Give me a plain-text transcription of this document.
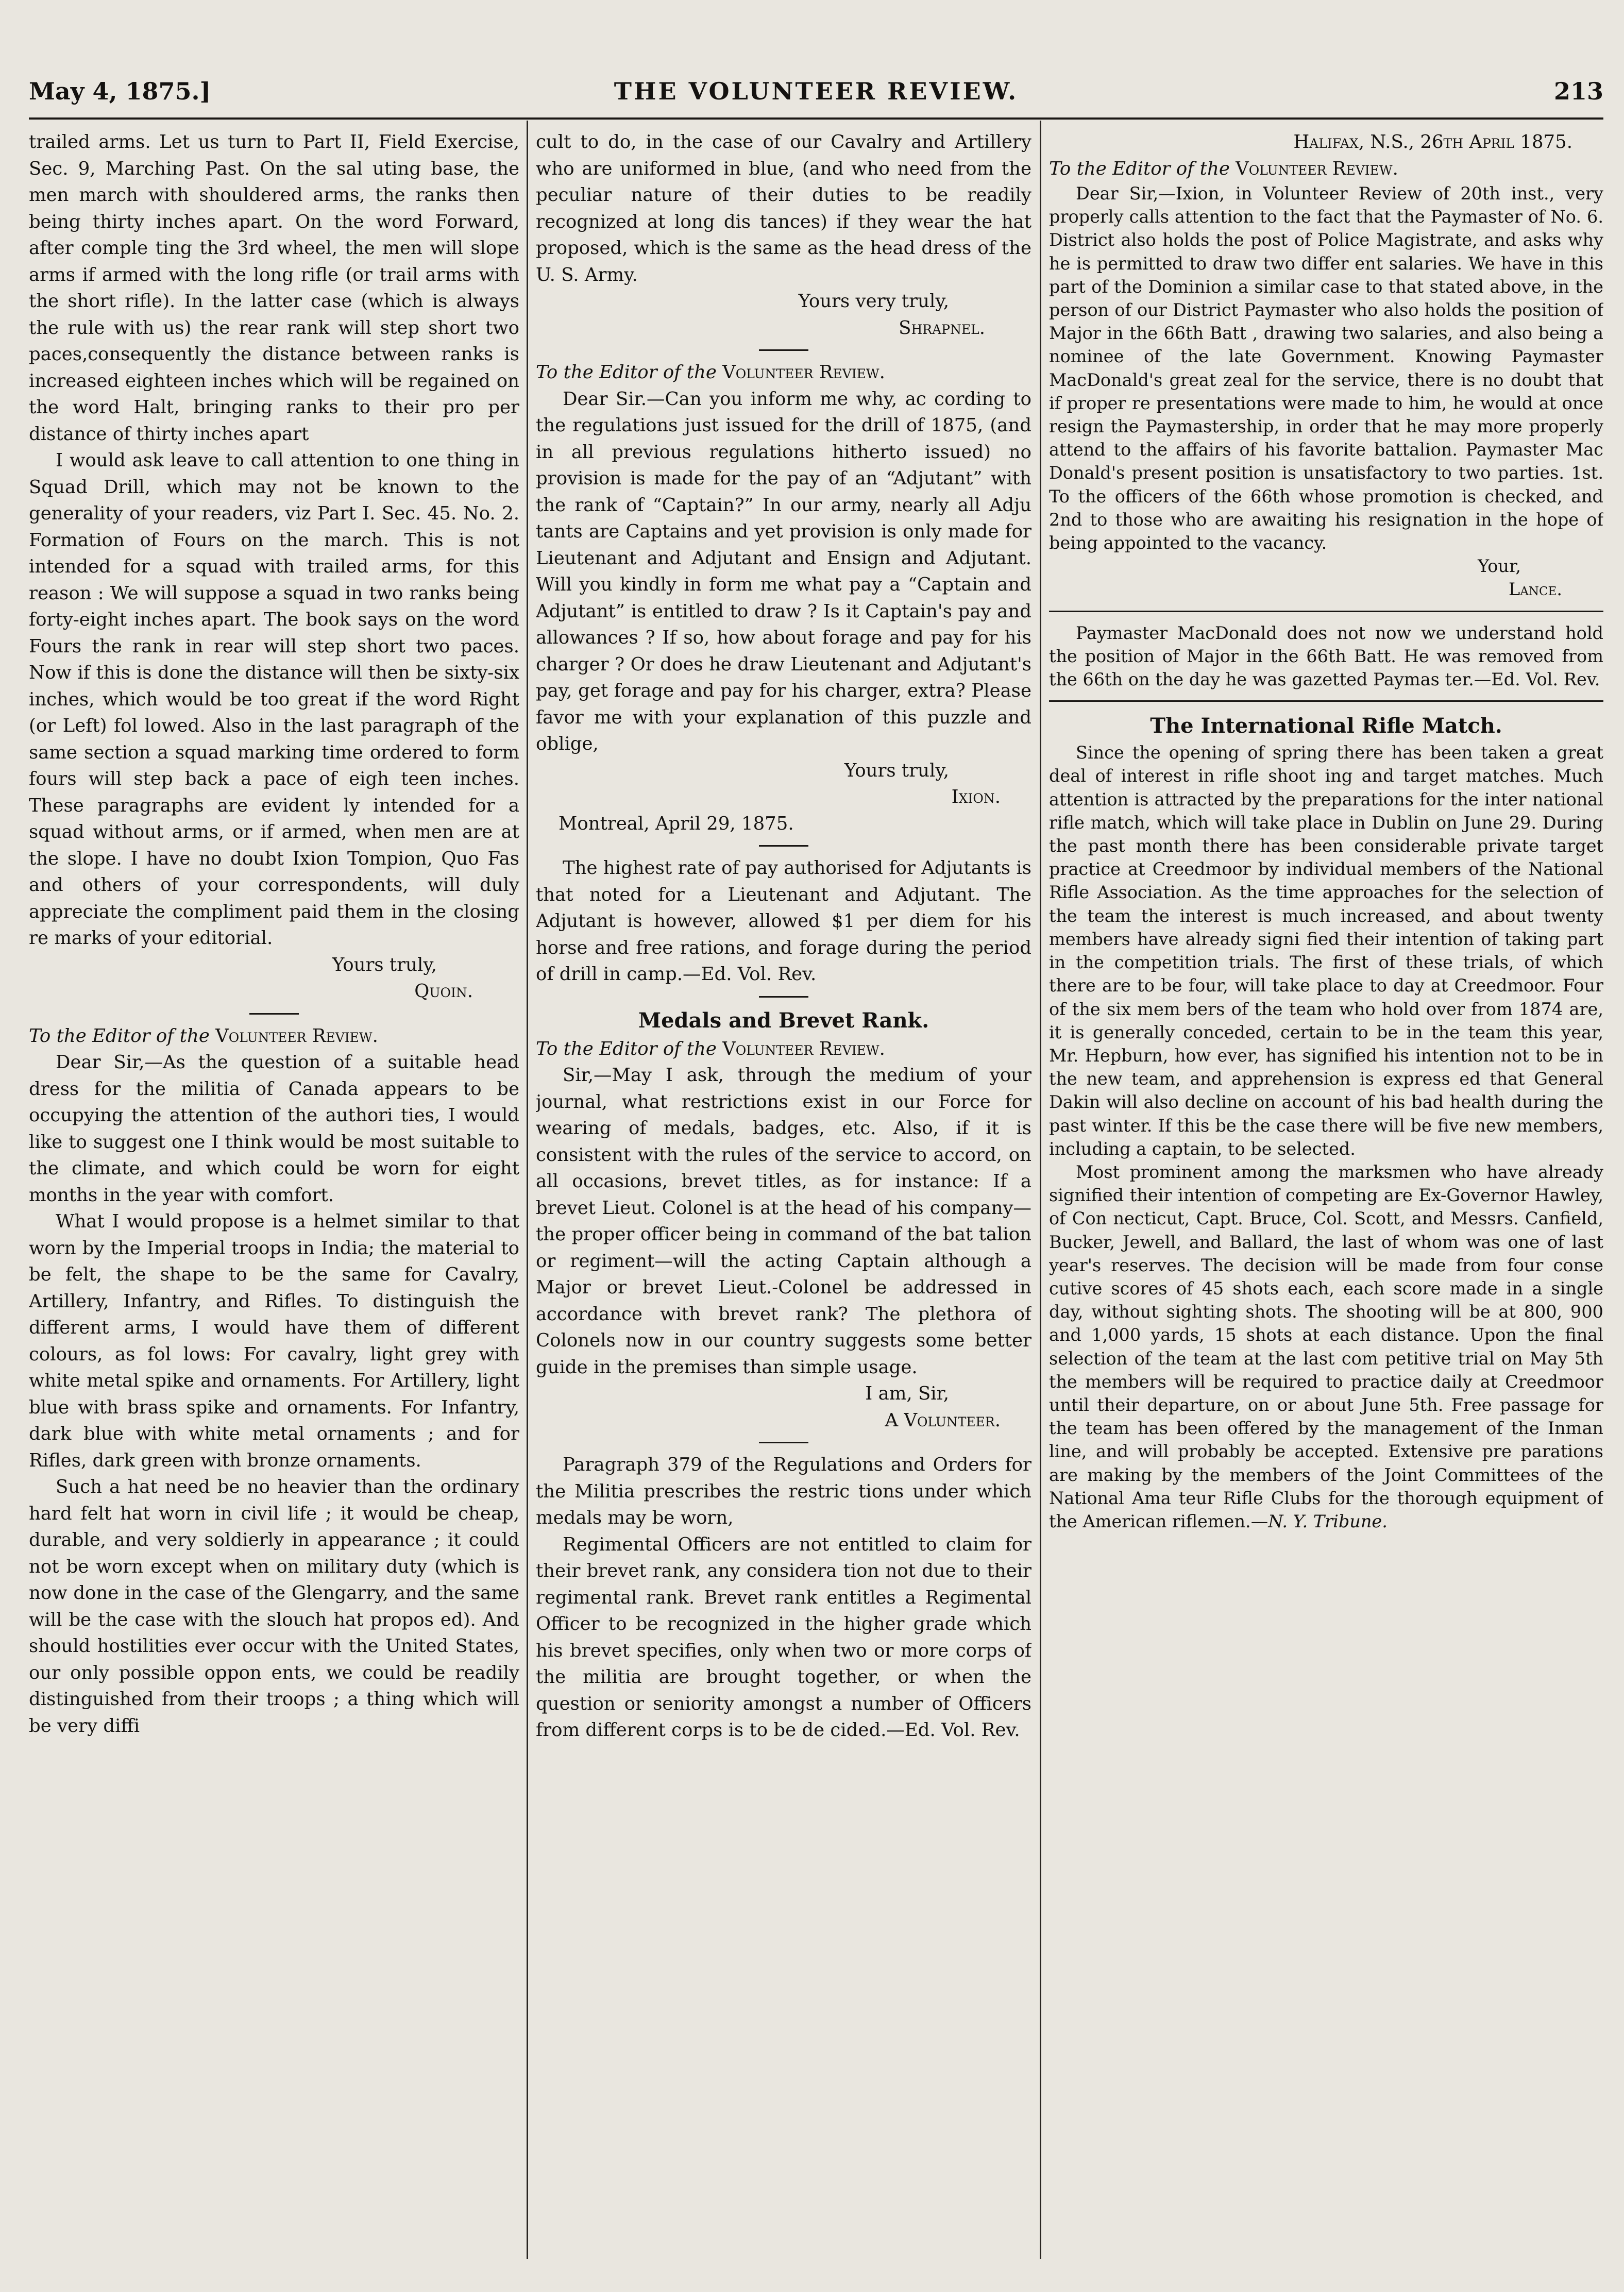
May 4, 1875.]	THE VOLUNTEER REVIEW.	213

trailed arms. Let us turn to Part II, Field Exercise, Sec. 9, Marching Past. On the sal uting base, the men march with shouldered arms, the ranks then being thirty inches apart. On the word Forward, after comple ting the 3rd wheel, the men will slope arms if armed with the long rifle (or trail arms with the short rifle). In the latter case (which is always the rule with us) the rear rank will step short two paces,consequently the distance between ranks is increased eighteen inches which will be regained on the word Halt, bringing ranks to their pro per distance of thirty inches apart

I would ask leave to call attention to one thing in Squad Drill, which may not be known to the generality of your readers, viz Part I. Sec. 45. No. 2. Formation of Fours on the march. This is not intended for a squad with trailed arms, for this reason : We will suppose a squad in two ranks being forty-eight inches apart. The book says on the word Fours the rank in rear will step short two paces. Now if this is done the distance will then be sixty-six inches, which would be too great if the word Right (or Left) fol lowed. Also in the last paragraph of the same section a squad marking time ordered to form fours will step back a pace of eigh teen inches. These paragraphs are evident ly intended for a squad without arms, or if armed, when men are at the slope. I have no doubt Ixion Tompion, Quo Fas and others of your correspondents, will duly appreciate the compliment paid them in the closing re marks of your editorial.

Yours truly,

Quoin.

To the Editor of the Volunteer Review.

Dear Sir,—As the question of a suitable head dress for the militia of Canada appears to be occupying the attention of the authori ties, I would like to suggest one I think would be most suitable to the climate, and which could be worn for eight months in the year with comfort.

What I would propose is a helmet similar to that worn by the Imperial troops in India; the material to be felt, the shape to be the same for Cavalry, Artillery, Infantry, and Rifles. To distinguish the different arms, I would have them of different colours, as fol lows: For cavalry, light grey with white metal spike and ornaments. For Artillery, light blue with brass spike and ornaments. For Infantry, dark blue with white metal ornaments ; and for Rifles, dark green with bronze ornaments.

Such a hat need be no heavier than the ordinary hard felt hat worn in civil life ; it would be cheap, durable, and very soldierly in appearance ; it could not be worn except when on military duty (which is now done in the case of the Glengarry, and the same will be the case with the slouch hat propos ed). And should hostilities ever occur with the United States, our only possible oppon ents, we could be readily distinguished from their troops ; a thing which will be very diffi

cult to do, in the case of our Cavalry and Artillery who are uniformed in blue, (and who need from the peculiar nature of their duties to be readily recognized at long dis tances) if they wear the hat proposed, which is the same as the head dress of the U. S. Army.

Yours very truly,

Shrapnel.

To the Editor of the Volunteer Review.

Dear Sir.—Can you inform me why, ac cording to the regulations just issued for the drill of 1875, (and in all previous regulations hitherto issued) no provision is made for the pay of an “Adjutant” with the rank of “Captain?” In our army, nearly all Adju tants are Captains and yet provision is only made for Lieutenant and Adjutant and Ensign and Adjutant. Will you kindly in form me what pay a “Captain and Adjutant” is entitled to draw ? Is it Captain's pay and allowances ? If so, how about forage and pay for his charger ? Or does he draw Lieutenant and Adjutant's pay, get forage and pay for his charger, extra? Please favor me with your explanation of this puzzle and oblige,

Yours truly,

Ixion.

Montreal, April 29, 1875.

The highest rate of pay authorised for Adjutants is that noted for a Lieutenant and Adjutant. The Adjutant is however, allowed $1 per diem for his horse and free rations, and forage during the period of drill in camp.—Ed. Vol. Rev.

Medals and Brevet Rank.

To the Editor of the Volunteer Review.

Sir,—May I ask, through the medium of your journal, what restrictions exist in our Force for wearing of medals, badges, etc. Also, if it is consistent with the rules of the service to accord, on all occasions, brevet titles, as for instance: If a brevet Lieut. Colonel is at the head of his company—the proper officer being in command of the bat talion or regiment—will the acting Captain although a Major or brevet Lieut.-Colonel be addressed in accordance with brevet rank? The plethora of Colonels now in our country suggests some better guide in the premises than simple usage.

I am, Sir,

A Volunteer.

Paragraph 379 of the Regulations and Orders for the Militia prescribes the restric tions under which medals may be worn,

Regimental Officers are not entitled to claim for their brevet rank, any considera tion not due to their regimental rank. Brevet rank entitles a Regimental Officer to be recognized in the higher grade which his brevet specifies, only when two or more corps of the militia are brought together, or when the question or seniority amongst a number of Officers from different corps is to be de cided.—Ed. Vol. Rev.

Halifax, N.S., 26th April 1875.

To the Editor of the Volunteer Review.

Dear Sir,—Ixion, in Volunteer Review of 20th inst., very properly calls attention to the fact that the Paymaster of No. 6. District also holds the post of Police Magistrate, and asks why he is permitted to draw two differ ent salaries. We have in this part of the Dominion a similar case to that stated above, in the person of our District Paymaster who also holds the position of Major in the 66th Batt , drawing two salaries, and also being a nominee of the late Government. Knowing Paymaster MacDonald's great zeal for the service, there is no doubt that if proper re presentations were made to him, he would at once resign the Paymastership, in order that he may more properly attend to the affairs of his favorite battalion. Paymaster Mac Donald's present position is unsatisfactory to two parties. 1st. To the officers of the 66th whose promotion is checked, and 2nd to those who are awaiting his resignation in the hope of being appointed to the vacancy.

Your,

Lance.

Paymaster MacDonald does not now we understand hold the position of Major in the 66th Batt. He was removed from the 66th on the day he was gazetted Paymas ter.—Ed. Vol. Rev.

The International Rifle Match.

Since the opening of spring there has been taken a great deal of interest in rifle shoot ing and target matches. Much attention is attracted by the preparations for the inter national rifle match, which will take place in Dublin on June 29. During the past month there has been considerable private target practice at Creedmoor by individual members of the National Rifle Association. As the time approaches for the selection of the team the interest is much increased, and about twenty members have already signi fied their intention of taking part in the competition trials. The first of these trials, of which there are to be four, will take place to day at Creedmoor. Four of the six mem bers of the team who hold over from 1874 are, it is generally conceded, certain to be in the team this year, Mr. Hepburn, how ever, has signified his intention not to be in the new team, and apprehension is express ed that General Dakin will also decline on account of his bad health during the past winter. If this be the case there will be five new members, including a captain, to be selected.

Most prominent among the marksmen who have already signified their intention of competing are Ex-Governor Hawley, of Con necticut, Capt. Bruce, Col. Scott, and Messrs. Canfield, Bucker, Jewell, and Ballard, the last of whom was one of last year's reserves. The decision will be made from four conse cutive scores of 45 shots each, each score made in a single day, without sighting shots. The shooting will be at 800, 900 and 1,000 yards, 15 shots at each distance. Upon the final selection of the team at the last com petitive trial on May 5th the members will be required to practice daily at Creedmoor until their departure, on or about June 5th. Free passage for the team has been offered by the management of the Inman line, and will probably be accepted. Extensive pre parations are making by the members of the Joint Committees of the National Ama teur Rifle Clubs for the thorough equipment of the American riflemen.—N. Y. Tribune.
